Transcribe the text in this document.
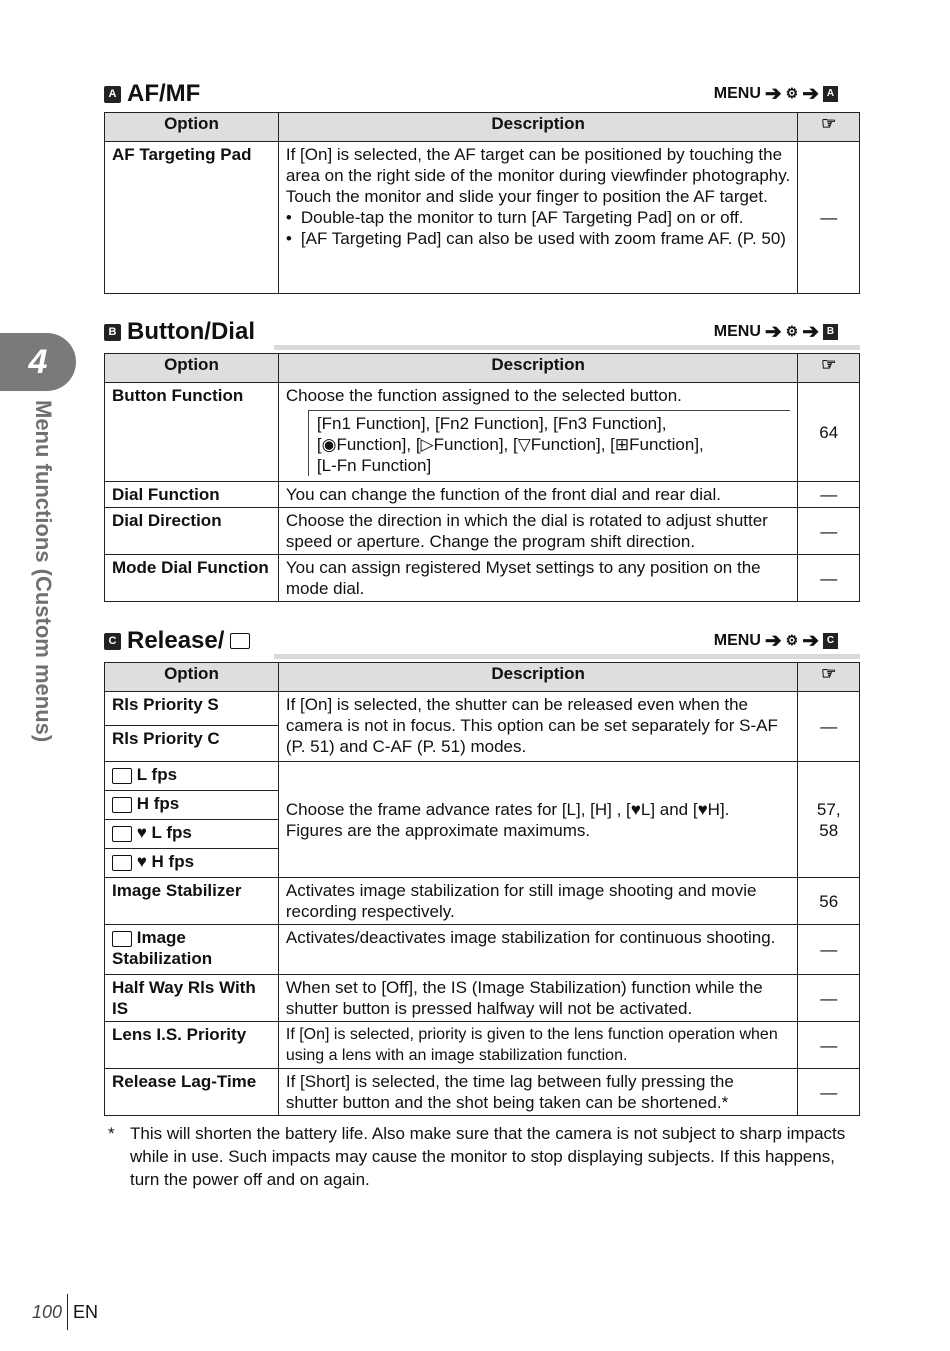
4
Menu functions (Custom menus)
A AF/MF	MENU ➔ ⚙ ➔ A
Option	Description	☞
AF Targeting Pad	If [On] is selected, the AF target can be positioned by touching the area on the right side of the monitor during viewfinder photography. Touch the monitor and slide your finger to position the AF target.
• Double-tap the monitor to turn [AF Targeting Pad] on or off.
• [AF Targeting Pad] can also be used with zoom frame AF. (P. 50)	—
B Button/Dial	MENU ➔ ⚙ ➔ B
Option	Description	☞
Button Function	Choose the function assigned to the selected button.
[Fn1 Function], [Fn2 Function], [Fn3 Function],
[◉Function], [▷Function], [▽Function], [⊞Function],
[L-Fn Function]	64
Dial Function	You can change the function of the front dial and rear dial.	—
Dial Direction	Choose the direction in which the dial is rotated to adjust shutter speed or aperture. Change the program shift direction.	—
Mode Dial Function	You can assign registered Myset settings to any position on the mode dial.	—
C Release/	MENU ➔ ⚙ ➔ C
Option	Description	☞
Rls Priority S	If [On] is selected, the shutter can be released even when the camera is not in focus. This option can be set separately for S-AF (P. 51) and C-AF (P. 51) modes.	—
Rls Priority C		
L fps	Choose the frame advance rates for [L], [H] , [♥L] and [♥H]. Figures are the approximate maximums.	57, 58
H fps		
♥ L fps		
♥ H fps		
Image Stabilizer	Activates image stabilization for still image shooting and movie recording respectively.	56
Image Stabilization	Activates/deactivates image stabilization for continuous shooting.	—
Half Way Rls With IS	When set to [Off], the IS (Image Stabilization) function while the shutter button is pressed halfway will not be activated.	—
Lens I.S. Priority	If [On] is selected, priority is given to the lens function operation when using a lens with an image stabilization function.	—
Release Lag-Time	If [Short] is selected, the time lag between fully pressing the shutter button and the shot being taken can be shortened.*	—
* This will shorten the battery life. Also make sure that the camera is not subject to sharp impacts while in use. Such impacts may cause the monitor to stop displaying subjects. If this happens, turn the power off and on again.
100 EN
